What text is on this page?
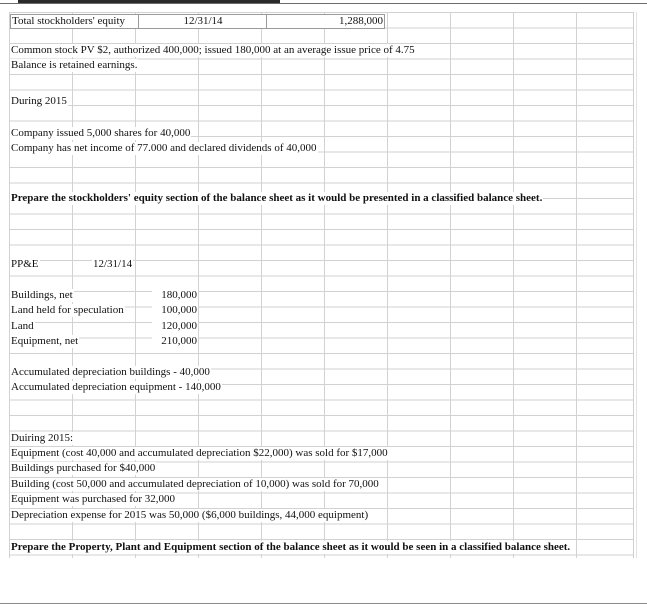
Total stockholders' equity	12/31/14	1,288,000
Common stock PV $2, authorized 400,000; issued 180,000 at an average issue price of 4.75
Balance is retained earnings.
During 2015
Company issued 5,000 shares for 40,000
Company has net income of 77.000 and declared dividends of 40,000
Prepare the stockholders' equity section of the balance sheet as it would be presented in a classified balance sheet.
PP&E	12/31/14
Buildings, net	180,000
Land held for speculation	100,000
Land	120,000
Equipment, net	210,000
Accumulated depreciation buildings - 40,000
Accumulated depreciation equipment - 140,000
Duiring 2015:
Equipment (cost 40,000 and accumulated depreciation $22,000) was sold for $17,000
Buildings purchased for $40,000
Building (cost 50,000 and accumulated depreciation of 10,000) was sold for 70,000
Equipment was purchased for 32,000
Depreciation expense for 2015 was 50,000 ($6,000 buildings, 44,000 equipment)
Prepare the Property, Plant and Equipment section of the balance sheet as it would be seen in a classified balance sheet.
